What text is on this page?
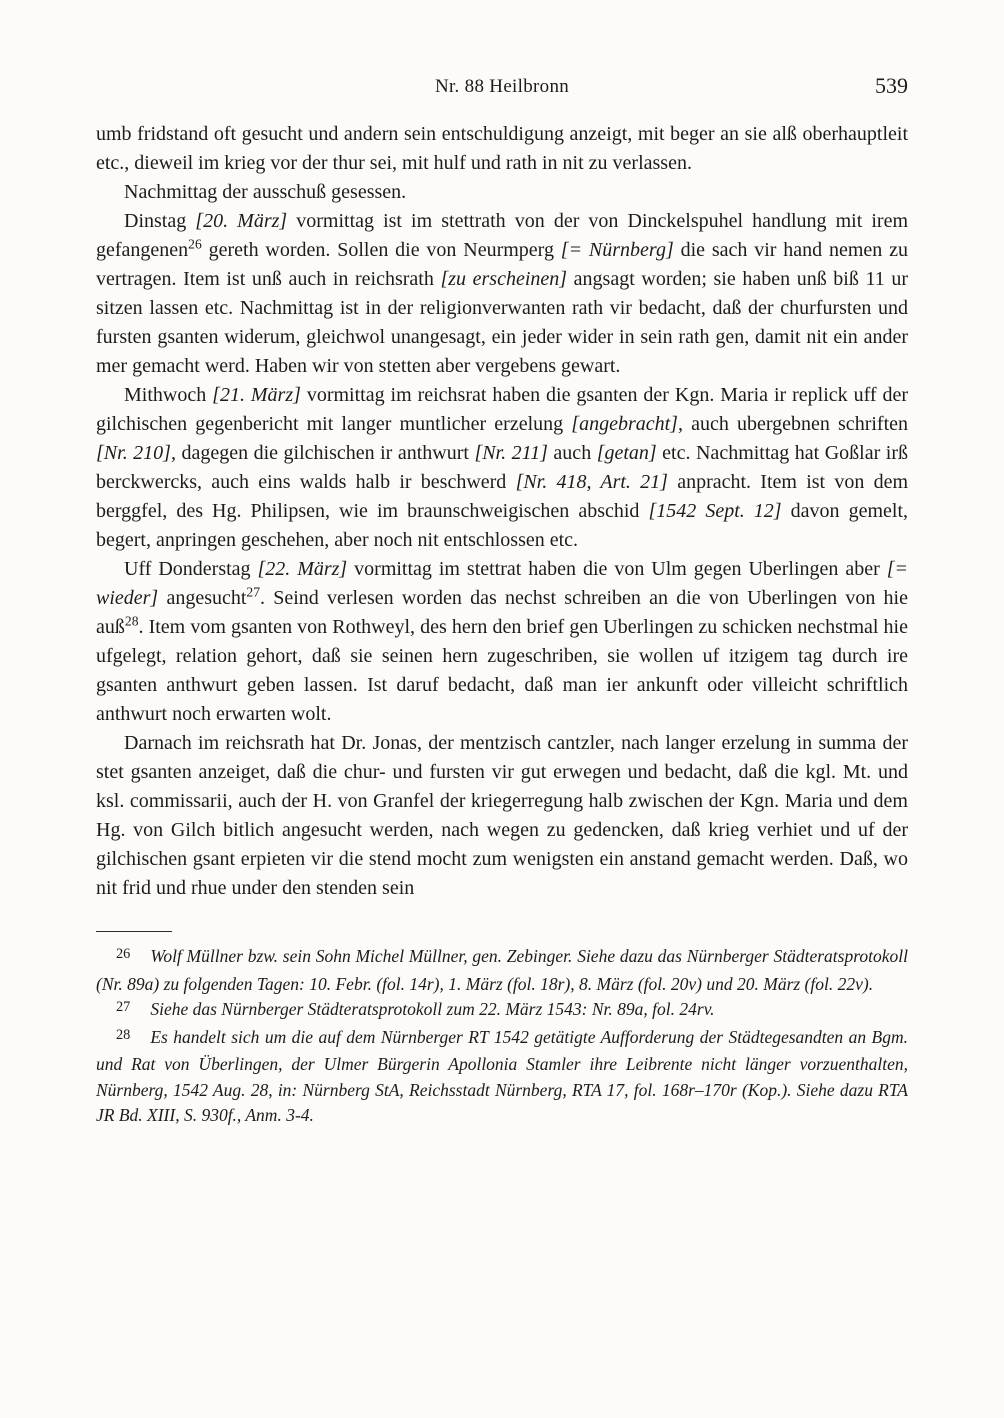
Nr. 88 Heilbronn	539

umb fridstand oft gesucht und andern sein entschuldigung anzeigt, mit beger an sie alß oberhauptleit etc., dieweil im krieg vor der thur sei, mit hulf und rath in nit zu verlassen.

Nachmittag der ausschuß gesessen.

Dinstag [20. März] vormittag ist im stettrath von der von Dinckelspuhel handlung mit irem gefangenen$^{26}$ gereth worden. Sollen die von Neurmperg [= Nürnberg] die sach vir hand nemen zu vertragen. Item ist unß auch in reichsrath [zu erscheinen] angsagt worden; sie haben unß biß 11 ur sitzen lassen etc. Nachmittag ist in der religionverwanten rath vir bedacht, daß der churfursten und fursten gsanten widerum, gleichwol unangesagt, ein jeder wider in sein rath gen, damit nit ein ander mer gemacht werd. Haben wir von stetten aber vergebens gewart.

Mithwoch [21. März] vormittag im reichsrat haben die gsanten der Kgn. Maria ir replick uff der gilchischen gegenbericht mit langer muntlicher erzelung [angebracht], auch ubergebnen schriften [Nr. 210], dagegen die gilchischen ir anthwurt [Nr. 211] auch [getan] etc. Nachmittag hat Goßlar irß berckwercks, auch eins walds halb ir beschwerd [Nr. 418, Art. 21] anpracht. Item ist von dem berggfel, des Hg. Philipsen, wie im braunschweigischen abschid [1542 Sept. 12] davon gemelt, begert, anpringen geschehen, aber noch nit entschlossen etc.

Uff Donderstag [22. März] vormittag im stettrat haben die von Ulm gegen Uberlingen aber [= wieder] angesucht$^{27}$. Seind verlesen worden das nechst schreiben an die von Uberlingen von hie auß$^{28}$. Item vom gsanten von Rothweyl, des hern den brief gen Uberlingen zu schicken nechstmal hie ufgelegt, relation gehort, daß sie seinen hern zugeschriben, sie wollen uf itzigem tag durch ire gsanten anthwurt geben lassen. Ist daruf bedacht, daß man ier ankunft oder villeicht schriftlich anthwurt noch erwarten wolt.

Darnach im reichsrath hat Dr. Jonas, der mentzisch cantzler, nach langer erzelung in summa der stet gsanten anzeiget, daß die chur- und fursten vir gut erwegen und bedacht, daß die kgl. Mt. und ksl. commissarii, auch der H. von Granfel der kriegerregung halb zwischen der Kgn. Maria und dem Hg. von Gilch bitlich angesucht werden, nach wegen zu gedencken, daß krieg verhiet und uf der gilchischen gsant erpieten vir die stend mocht zum wenigsten ein anstand gemacht werden. Daß, wo nit frid und rhue under den stenden sein

$^{26}$ Wolf Müllner bzw. sein Sohn Michel Müllner, gen. Zebinger. Siehe dazu das Nürnberger Städteratsprotokoll (Nr. 89a) zu folgenden Tagen: 10. Febr. (fol. 14r), 1. März (fol. 18r), 8. März (fol. 20v) und 20. März (fol. 22v).

$^{27}$ Siehe das Nürnberger Städteratsprotokoll zum 22. März 1543: Nr. 89a, fol. 24rv.

$^{28}$ Es handelt sich um die auf dem Nürnberger RT 1542 getätigte Aufforderung der Städtegesandten an Bgm. und Rat von Überlingen, der Ulmer Bürgerin Apollonia Stamler ihre Leibrente nicht länger vorzuenthalten, Nürnberg, 1542 Aug. 28, in: Nürnberg StA, Reichsstadt Nürnberg, RTA 17, fol. 168r–170r (Kop.). Siehe dazu RTA JR Bd. XIII, S. 930f., Anm. 3-4.
